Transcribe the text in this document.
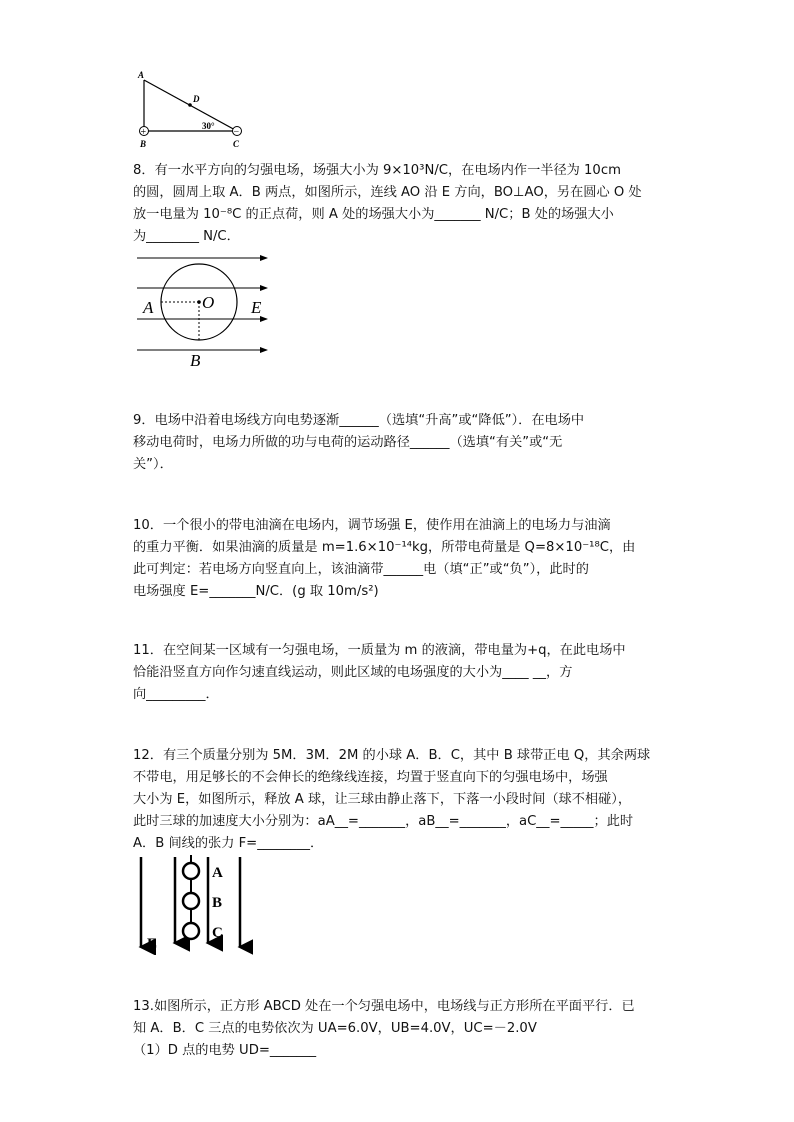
+	−
A
D
B	C
30°

8．有一水平方向的匀强电场，场强大小为 9×10³N/C，在电场内作一半径为 10cm

的圆，圆周上取 A．B 两点，如图所示，连线 AO 沿 E 方向，BO⊥AO，另在圆心 O 处

放一电量为 10⁻⁸C 的正点荷，则 A 处的场强大小为_______ N/C；B 处的场强大小

为________ N/C．

A	O E
B

9．电场中沿着电场线方向电势逐渐______（选填“升高”或“降低”）．在电场中

移动电荷时，电场力所做的功与电荷的运动路径______（选填“有关”或“无

关”）．

10．一个很小的带电油滴在电场内，调节场强 E，使作用在油滴上的电场力与油滴

的重力平衡．如果油滴的质量是 m=1.6×10⁻¹⁴kg，所带电荷量是 Q=8×10⁻¹⁸C，由

此可判定：若电场方向竖直向上，该油滴带______电（填“正”或“负”），此时的

电场强度 E=_______N/C．(g 取 10m/s²)

11．在空间某一区域有一匀强电场，一质量为 m 的液滴，带电量为+q，在此电场中

恰能沿竖直方向作匀速直线运动，则此区域的电场强度的大小为____ __，方

向_________．

12．有三个质量分别为 5M．3M．2M 的小球 A．B．C，其中 B 球带正电 Q，其余两球

不带电，用足够长的不会伸长的绝缘线连接，均置于竖直向下的匀强电场中，场强

大小为 E，如图所示，释放 A 球，让三球由静止落下，下落一小段时间（球不相碰），

此时三球的加速度大小分别为：aA__=_______，aB__=_______，aC__=_____；此时

A．B 间线的张力 F=________．

A
B
C
E

13.如图所示，正方形 ABCD 处在一个匀强电场中，电场线与正方形所在平面平行．已

知 A．B．C 三点的电势依次为 UA=6.0V，UB=4.0V，UC=－2.0V

（1）D 点的电势 UD=_______
